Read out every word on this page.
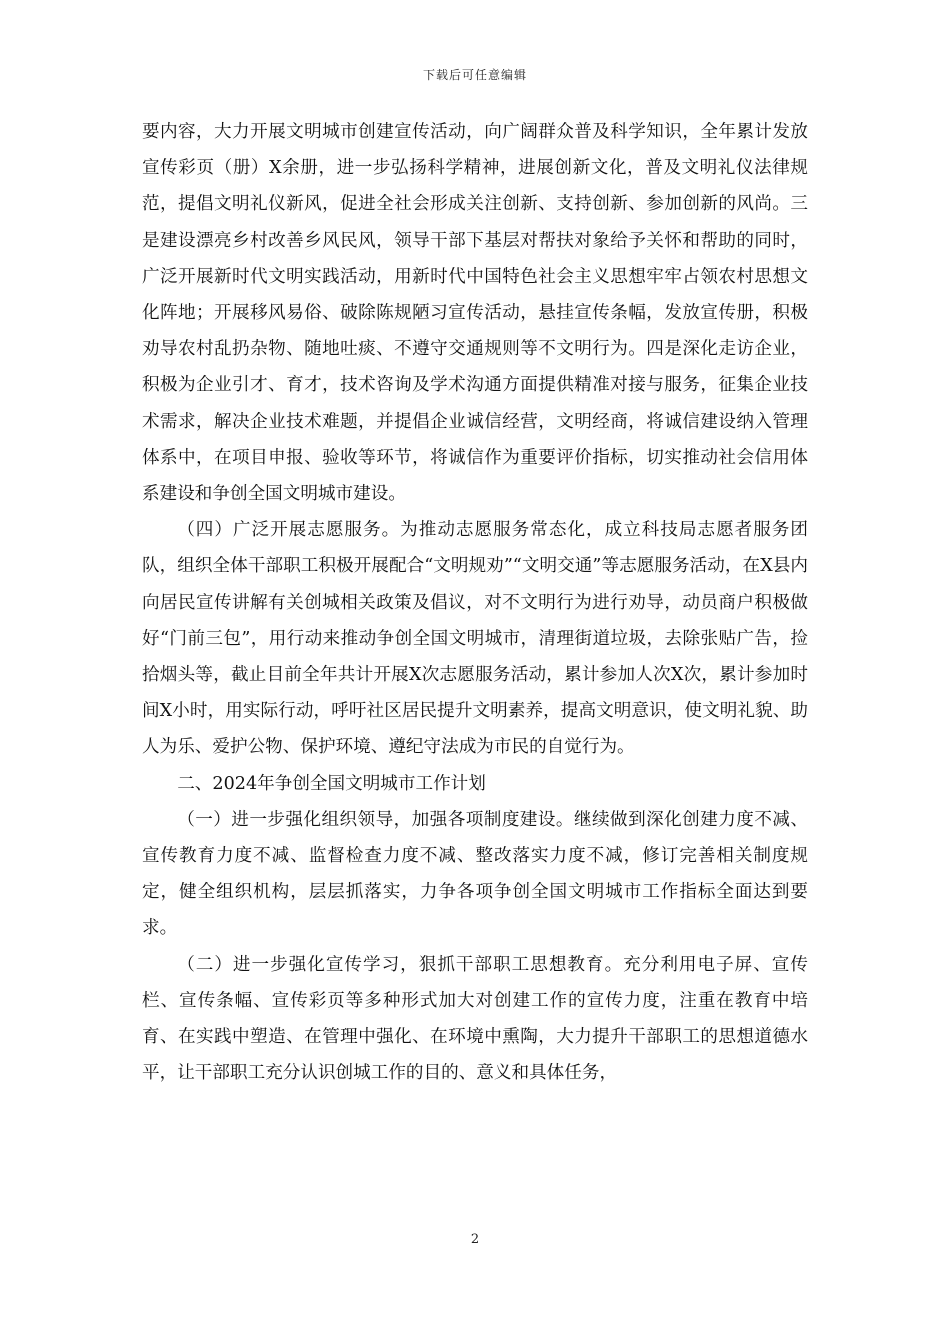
下载后可任意编辑

要内容，大力开展文明城市创建宣传活动，向广阔群众普及科学知识，全年累计发放宣传彩页（册）X余册，进一步弘扬科学精神，进展创新文化，普及文明礼仪法律规范，提倡文明礼仪新风，促进全社会形成关注创新、支持创新、参加创新的风尚。三是建设漂亮乡村改善乡风民风，领导干部下基层对帮扶对象给予关怀和帮助的同时，广泛开展新时代文明实践活动，用新时代中国特色社会主义思想牢牢占领农村思想文化阵地；开展移风易俗、破除陈规陋习宣传活动，悬挂宣传条幅，发放宣传册，积极劝导农村乱扔杂物、随地吐痰、不遵守交通规则等不文明行为。四是深化走访企业，积极为企业引才、育才，技术咨询及学术沟通方面提供精准对接与服务，征集企业技术需求，解决企业技术难题，并提倡企业诚信经营，文明经商，将诚信建设纳入管理体系中，在项目申报、验收等环节，将诚信作为重要评价指标，切实推动社会信用体系建设和争创全国文明城市建设。

（四）广泛开展志愿服务。为推动志愿服务常态化，成立科技局志愿者服务团队，组织全体干部职工积极开展配合“文明规劝”“文明交通”等志愿服务活动，在X县内向居民宣传讲解有关创城相关政策及倡议，对不文明行为进行劝导，动员商户积极做好“门前三包”，用行动来推动争创全国文明城市，清理街道垃圾，去除张贴广告，捡拾烟头等，截止目前全年共计开展X次志愿服务活动，累计参加人次X次，累计参加时间X小时，用实际行动，呼吁社区居民提升文明素养，提高文明意识，使文明礼貌、助人为乐、爱护公物、保护环境、遵纪守法成为市民的自觉行为。

二、2024年争创全国文明城市工作计划

（一）进一步强化组织领导，加强各项制度建设。继续做到深化创建力度不减、宣传教育力度不减、监督检查力度不减、整改落实力度不减，修订完善相关制度规定，健全组织机构，层层抓落实，力争各项争创全国文明城市工作指标全面达到要求。

（二）进一步强化宣传学习，狠抓干部职工思想教育。充分利用电子屏、宣传栏、宣传条幅、宣传彩页等多种形式加大对创建工作的宣传力度，注重在教育中培育、在实践中塑造、在管理中强化、在环境中熏陶，大力提升干部职工的思想道德水平，让干部职工充分认识创城工作的目的、意义和具体任务，

2
